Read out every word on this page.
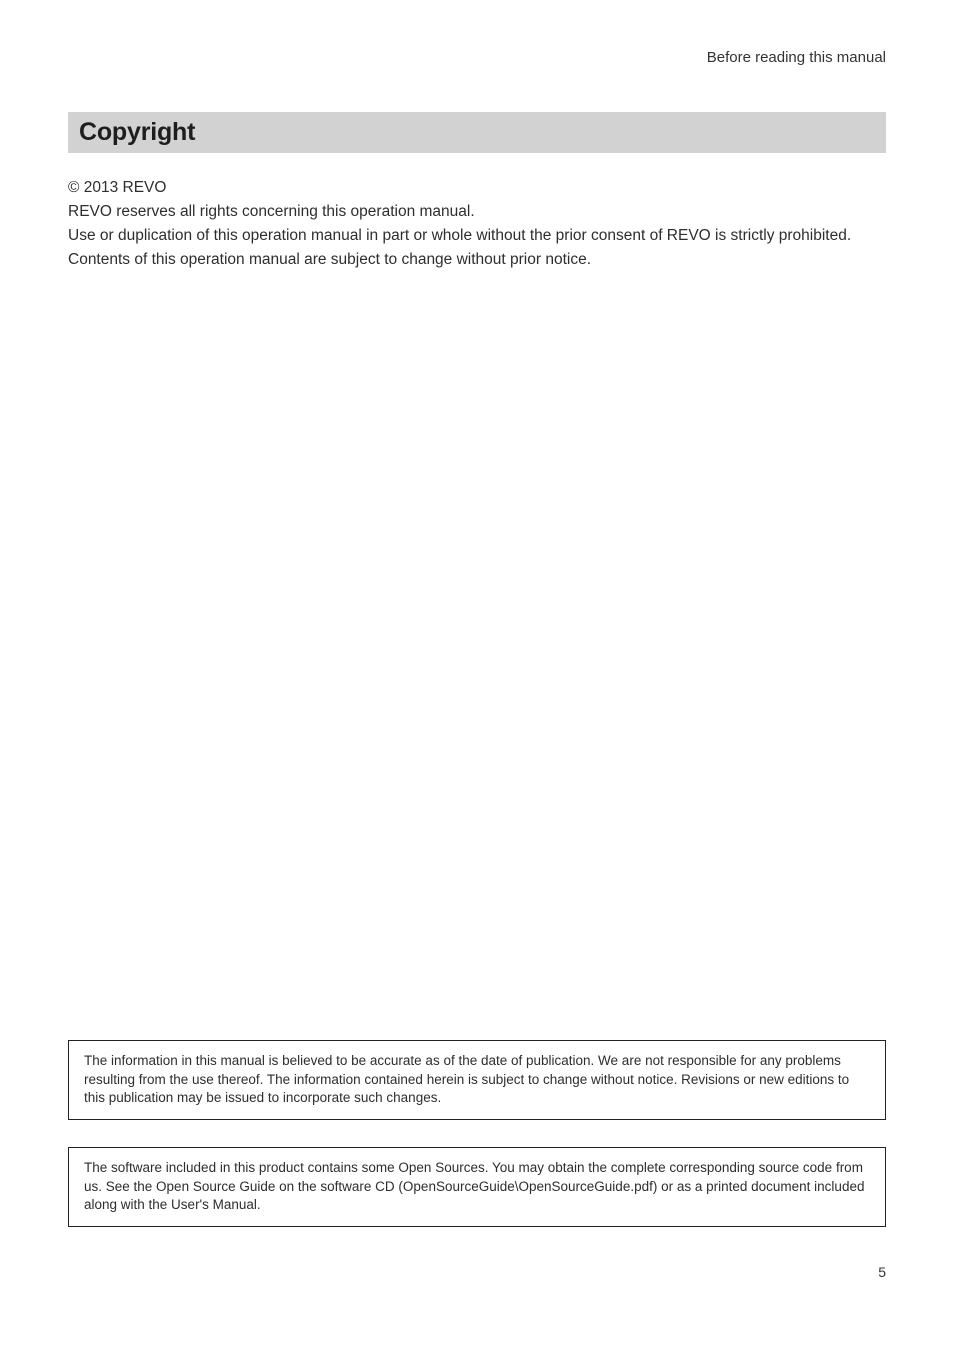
Before reading this manual
Copyright

© 2013 REVO

REVO reserves all rights concerning this operation manual.

Use or duplication of this operation manual in part or whole without the prior consent of REVO is strictly prohibited.

Contents of this operation manual are subject to change without prior notice.

The information in this manual is believed to be accurate as of the date of publication. We are not responsible for any problems resulting from the use thereof. The information contained herein is subject to change without notice. Revisions or new editions to this publication may be issued to incorporate such changes.

The software included in this product contains some Open Sources. You may obtain the complete corresponding source code from us. See the Open Source Guide on the software CD (OpenSourceGuide\OpenSourceGuide.pdf) or as a printed document included along with the User's Manual.

5
